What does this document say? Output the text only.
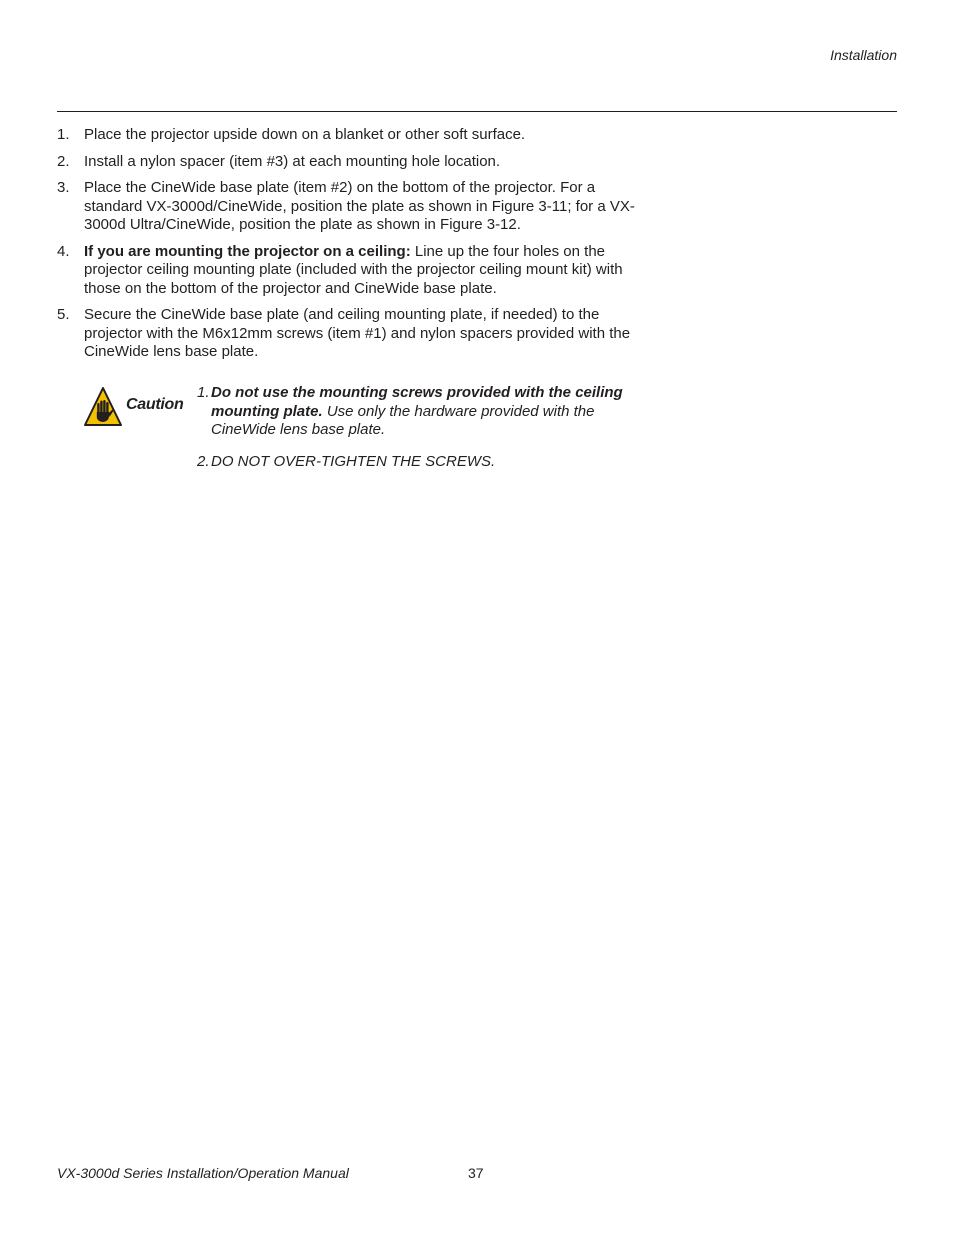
Installation
1. Place the projector upside down on a blanket or other soft surface.
2. Install a nylon spacer (item #3) at each mounting hole location.
3. Place the CineWide base plate (item #2) on the bottom of the projector. For a standard VX-3000d/CineWide, position the plate as shown in Figure 3-11; for a VX-3000d Ultra/CineWide, position the plate as shown in Figure 3-12.
4. If you are mounting the projector on a ceiling: Line up the four holes on the projector ceiling mounting plate (included with the projector ceiling mount kit) with those on the bottom of the projector and CineWide base plate.
5. Secure the CineWide base plate (and ceiling mounting plate, if needed) to the projector with the M6x12mm screws (item #1) and nylon spacers provided with the CineWide lens base plate.
Caution
1. Do not use the mounting screws provided with the ceiling mounting plate. Use only the hardware provided with the CineWide lens base plate.
2. DO NOT OVER-TIGHTEN THE SCREWS.
VX-3000d Series Installation/Operation Manual	37
